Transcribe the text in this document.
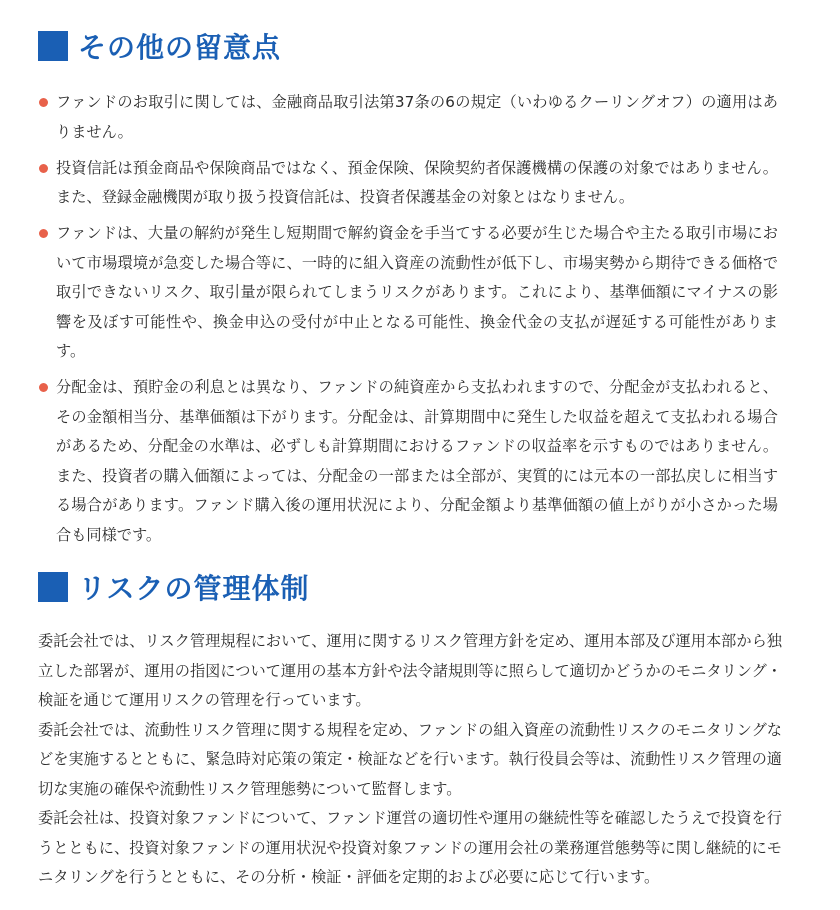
その他の留意点
ファンドのお取引に関しては、金融商品取引法第37条の6の規定（いわゆるクーリングオフ）の適用はありません。
投資信託は預金商品や保険商品ではなく、預金保険、保険契約者保護機構の保護の対象ではありません。また、登録金融機関が取り扱う投資信託は、投資者保護基金の対象とはなりません。
ファンドは、大量の解約が発生し短期間で解約資金を手当てする必要が生じた場合や主たる取引市場において市場環境が急変した場合等に、一時的に組入資産の流動性が低下し、市場実勢から期待できる価格で取引できないリスク、取引量が限られてしまうリスクがあります。これにより、基準価額にマイナスの影響を及ぼす可能性や、換金申込の受付が中止となる可能性、換金代金の支払が遅延する可能性があります。
分配金は、預貯金の利息とは異なり、ファンドの純資産から支払われますので、分配金が支払われると、その金額相当分、基準価額は下がります。分配金は、計算期間中に発生した収益を超えて支払われる場合があるため、分配金の水準は、必ずしも計算期間におけるファンドの収益率を示すものではありません。また、投資者の購入価額によっては、分配金の一部または全部が、実質的には元本の一部払戻しに相当する場合があります。ファンド購入後の運用状況により、分配金額より基準価額の値上がりが小さかった場合も同様です。
リスクの管理体制

委託会社では、リスク管理規程において、運用に関するリスク管理方針を定め、運用本部及び運用本部から独立した部署が、運用の指図について運用の基本方針や法令諸規則等に照らして適切かどうかのモニタリング・検証を通じて運用リスクの管理を行っています。

委託会社では、流動性リスク管理に関する規程を定め、ファンドの組入資産の流動性リスクのモニタリングなどを実施するとともに、緊急時対応策の策定・検証などを行います。執行役員会等は、流動性リスク管理の適切な実施の確保や流動性リスク管理態勢について監督します。

委託会社は、投資対象ファンドについて、ファンド運営の適切性や運用の継続性等を確認したうえで投資を行うとともに、投資対象ファンドの運用状況や投資対象ファンドの運用会社の業務運営態勢等に関し継続的にモニタリングを行うとともに、その分析・検証・評価を定期的および必要に応じて行います。
